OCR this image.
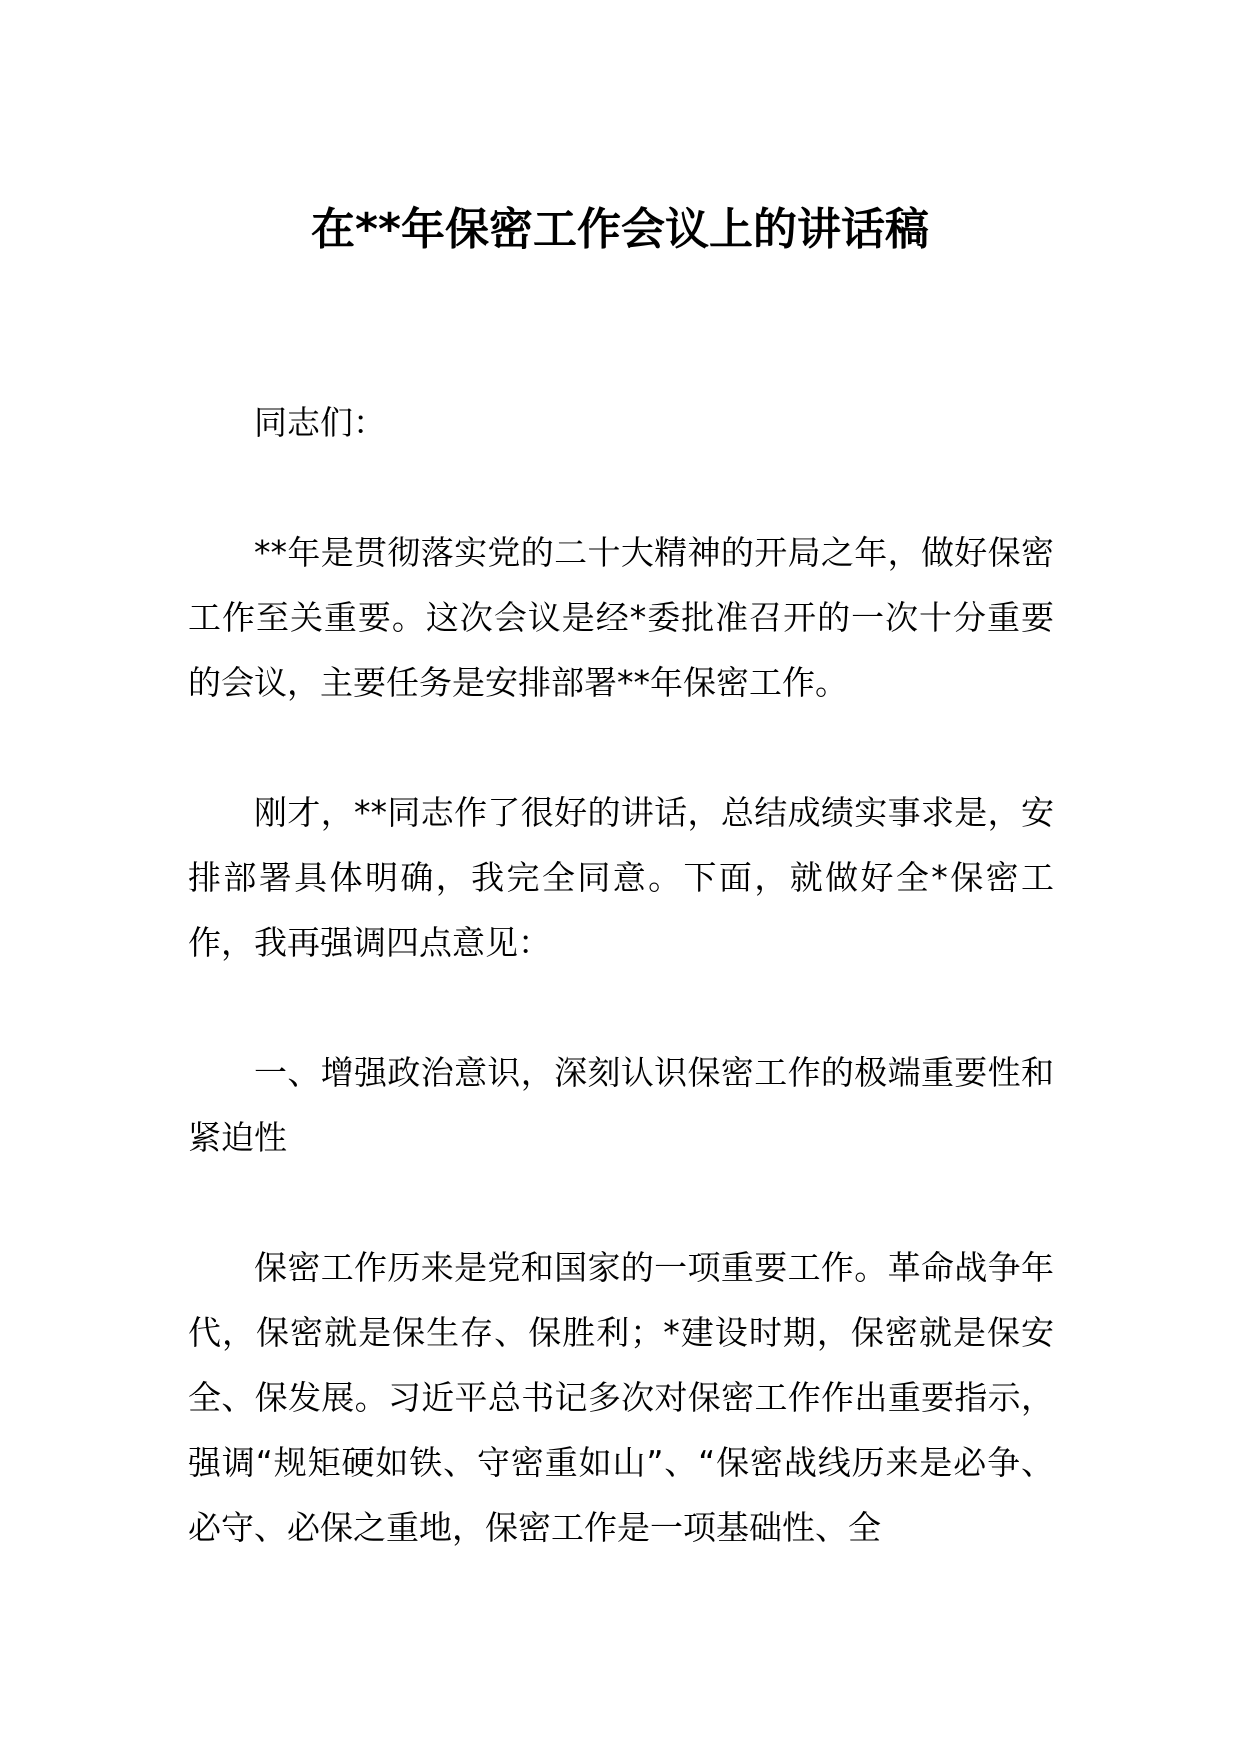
在**年保密工作会议上的讲话稿

同志们：

**年是贯彻落实党的二十大精神的开局之年，做好保密工作至关重要。这次会议是经*委批准召开的一次十分重要的会议，主要任务是安排部署**年保密工作。

刚才，**同志作了很好的讲话，总结成绩实事求是，安排部署具体明确，我完全同意。下面，就做好全*保密工作，我再强调四点意见：

一、增强政治意识，深刻认识保密工作的极端重要性和紧迫性

保密工作历来是党和国家的一项重要工作。革命战争年代，保密就是保生存、保胜利；*建设时期，保密就是保安全、保发展。习近平总书记多次对保密工作作出重要指示，强调“规矩硬如铁、守密重如山”、“保密战线历来是必争、必守、必保之重地，保密工作是一项基础性、全
